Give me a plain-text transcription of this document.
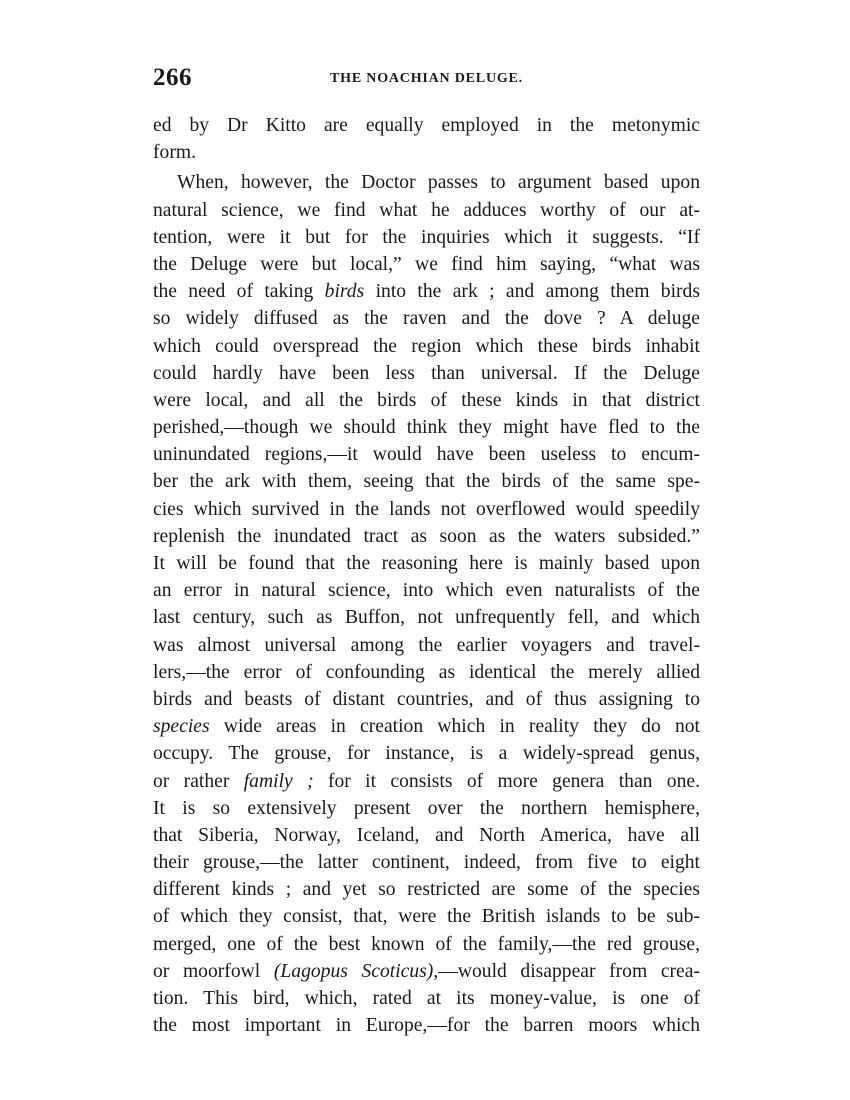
266	THE NOACHIAN DELUGE.
ed by Dr Kitto are equally employed in the metonymic
form.
When, however, the Doctor passes to argument based upon
natural science, we find what he adduces worthy of our at-
tention, were it but for the inquiries which it suggests. “If
the Deluge were but local,” we find him saying, “what was
the need of taking birds into the ark ; and among them birds
so widely diffused as the raven and the dove ? A deluge
which could overspread the region which these birds inhabit
could hardly have been less than universal. If the Deluge
were local, and all the birds of these kinds in that district
perished,—though we should think they might have fled to the
uninundated regions,—it would have been useless to encum-
ber the ark with them, seeing that the birds of the same spe-
cies which survived in the lands not overflowed would speedily
replenish the inundated tract as soon as the waters subsided.”
It will be found that the reasoning here is mainly based upon
an error in natural science, into which even naturalists of the
last century, such as Buffon, not unfrequently fell, and which
was almost universal among the earlier voyagers and travel-
lers,—the error of confounding as identical the merely allied
birds and beasts of distant countries, and of thus assigning to
species wide areas in creation which in reality they do not
occupy. The grouse, for instance, is a widely-spread genus,
or rather family ; for it consists of more genera than one.
It is so extensively present over the northern hemisphere,
that Siberia, Norway, Iceland, and North America, have all
their grouse,—the latter continent, indeed, from five to eight
different kinds ; and yet so restricted are some of the species
of which they consist, that, were the British islands to be sub-
merged, one of the best known of the family,—the red grouse,
or moorfowl (Lagopus Scoticus),—would disappear from crea-
tion. This bird, which, rated at its money-value, is one of
the most important in Europe,—for the barren moors which
